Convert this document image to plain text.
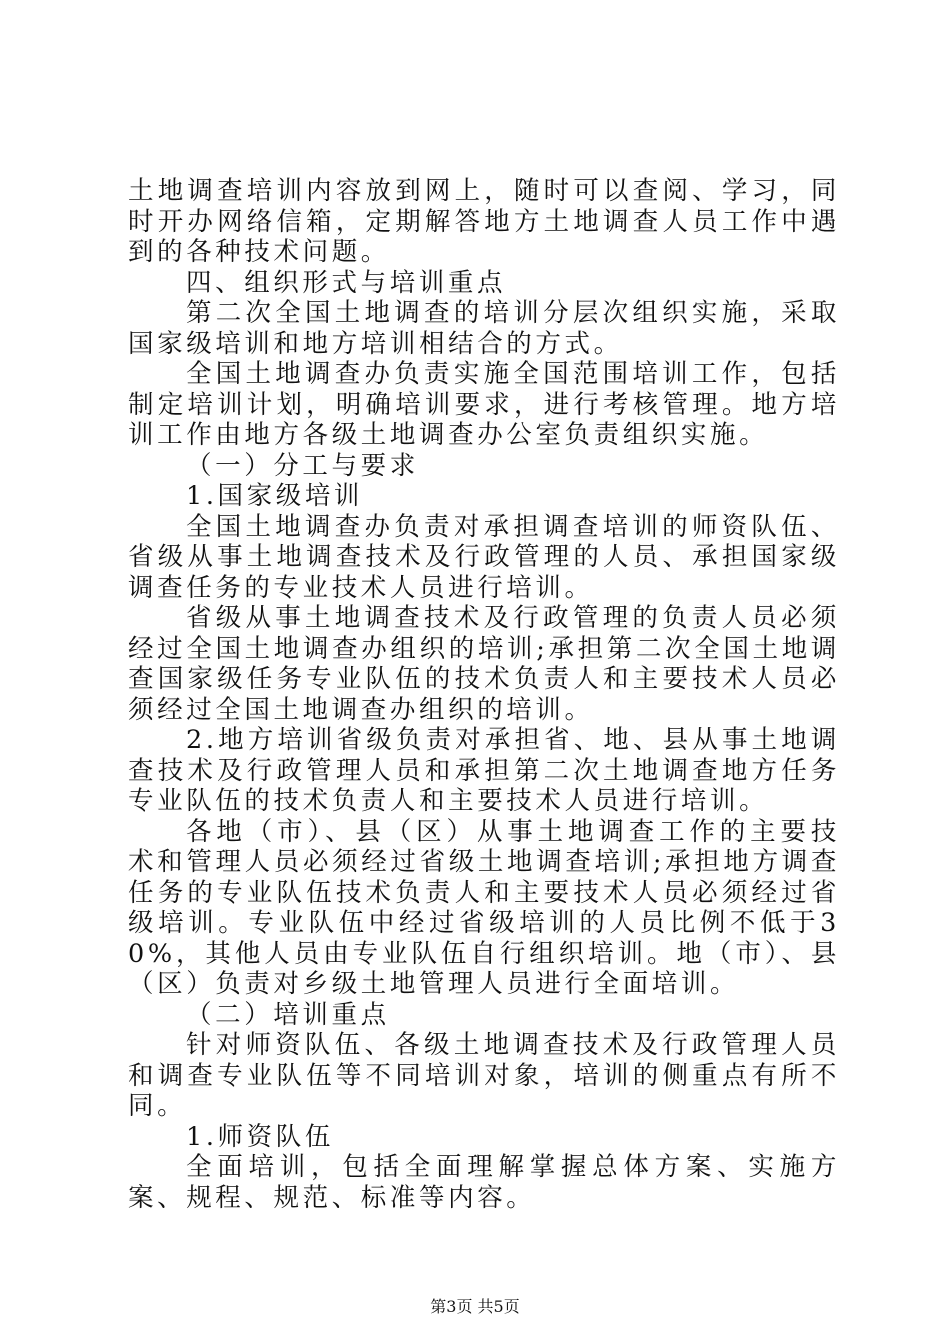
土地调查培训内容放到网上，随时可以查阅、学习，同时开办网络信箱，定期解答地方土地调查人员工作中遇到的各种技术问题。

四、组织形式与培训重点

第二次全国土地调查的培训分层次组织实施，采取国家级培训和地方培训相结合的方式。

全国土地调查办负责实施全国范围培训工作，包括制定培训计划，明确培训要求，进行考核管理。地方培训工作由地方各级土地调查办公室负责组织实施。

（一）分工与要求

1.国家级培训

全国土地调查办负责对承担调查培训的师资队伍、省级从事土地调查技术及行政管理的人员、承担国家级调查任务的专业技术人员进行培训。

省级从事土地调查技术及行政管理的负责人员必须经过全国土地调查办组织的培训;承担第二次全国土地调查国家级任务专业队伍的技术负责人和主要技术人员必须经过全国土地调查办组织的培训。

2.地方培训省级负责对承担省、地、县从事土地调查技术及行政管理人员和承担第二次土地调查地方任务专业队伍的技术负责人和主要技术人员进行培训。

各地（市）、县（区）从事土地调查工作的主要技术和管理人员必须经过省级土地调查培训;承担地方调查任务的专业队伍技术负责人和主要技术人员必须经过省级培训。专业队伍中经过省级培训的人员比例不低于30%，其他人员由专业队伍自行组织培训。地（市）、县（区）负责对乡级土地管理人员进行全面培训。

（二）培训重点

针对师资队伍、各级土地调查技术及行政管理人员和调查专业队伍等不同培训对象，培训的侧重点有所不同。

1.师资队伍

全面培训，包括全面理解掌握总体方案、实施方案、规程、规范、标准等内容。

第3页 共5页
